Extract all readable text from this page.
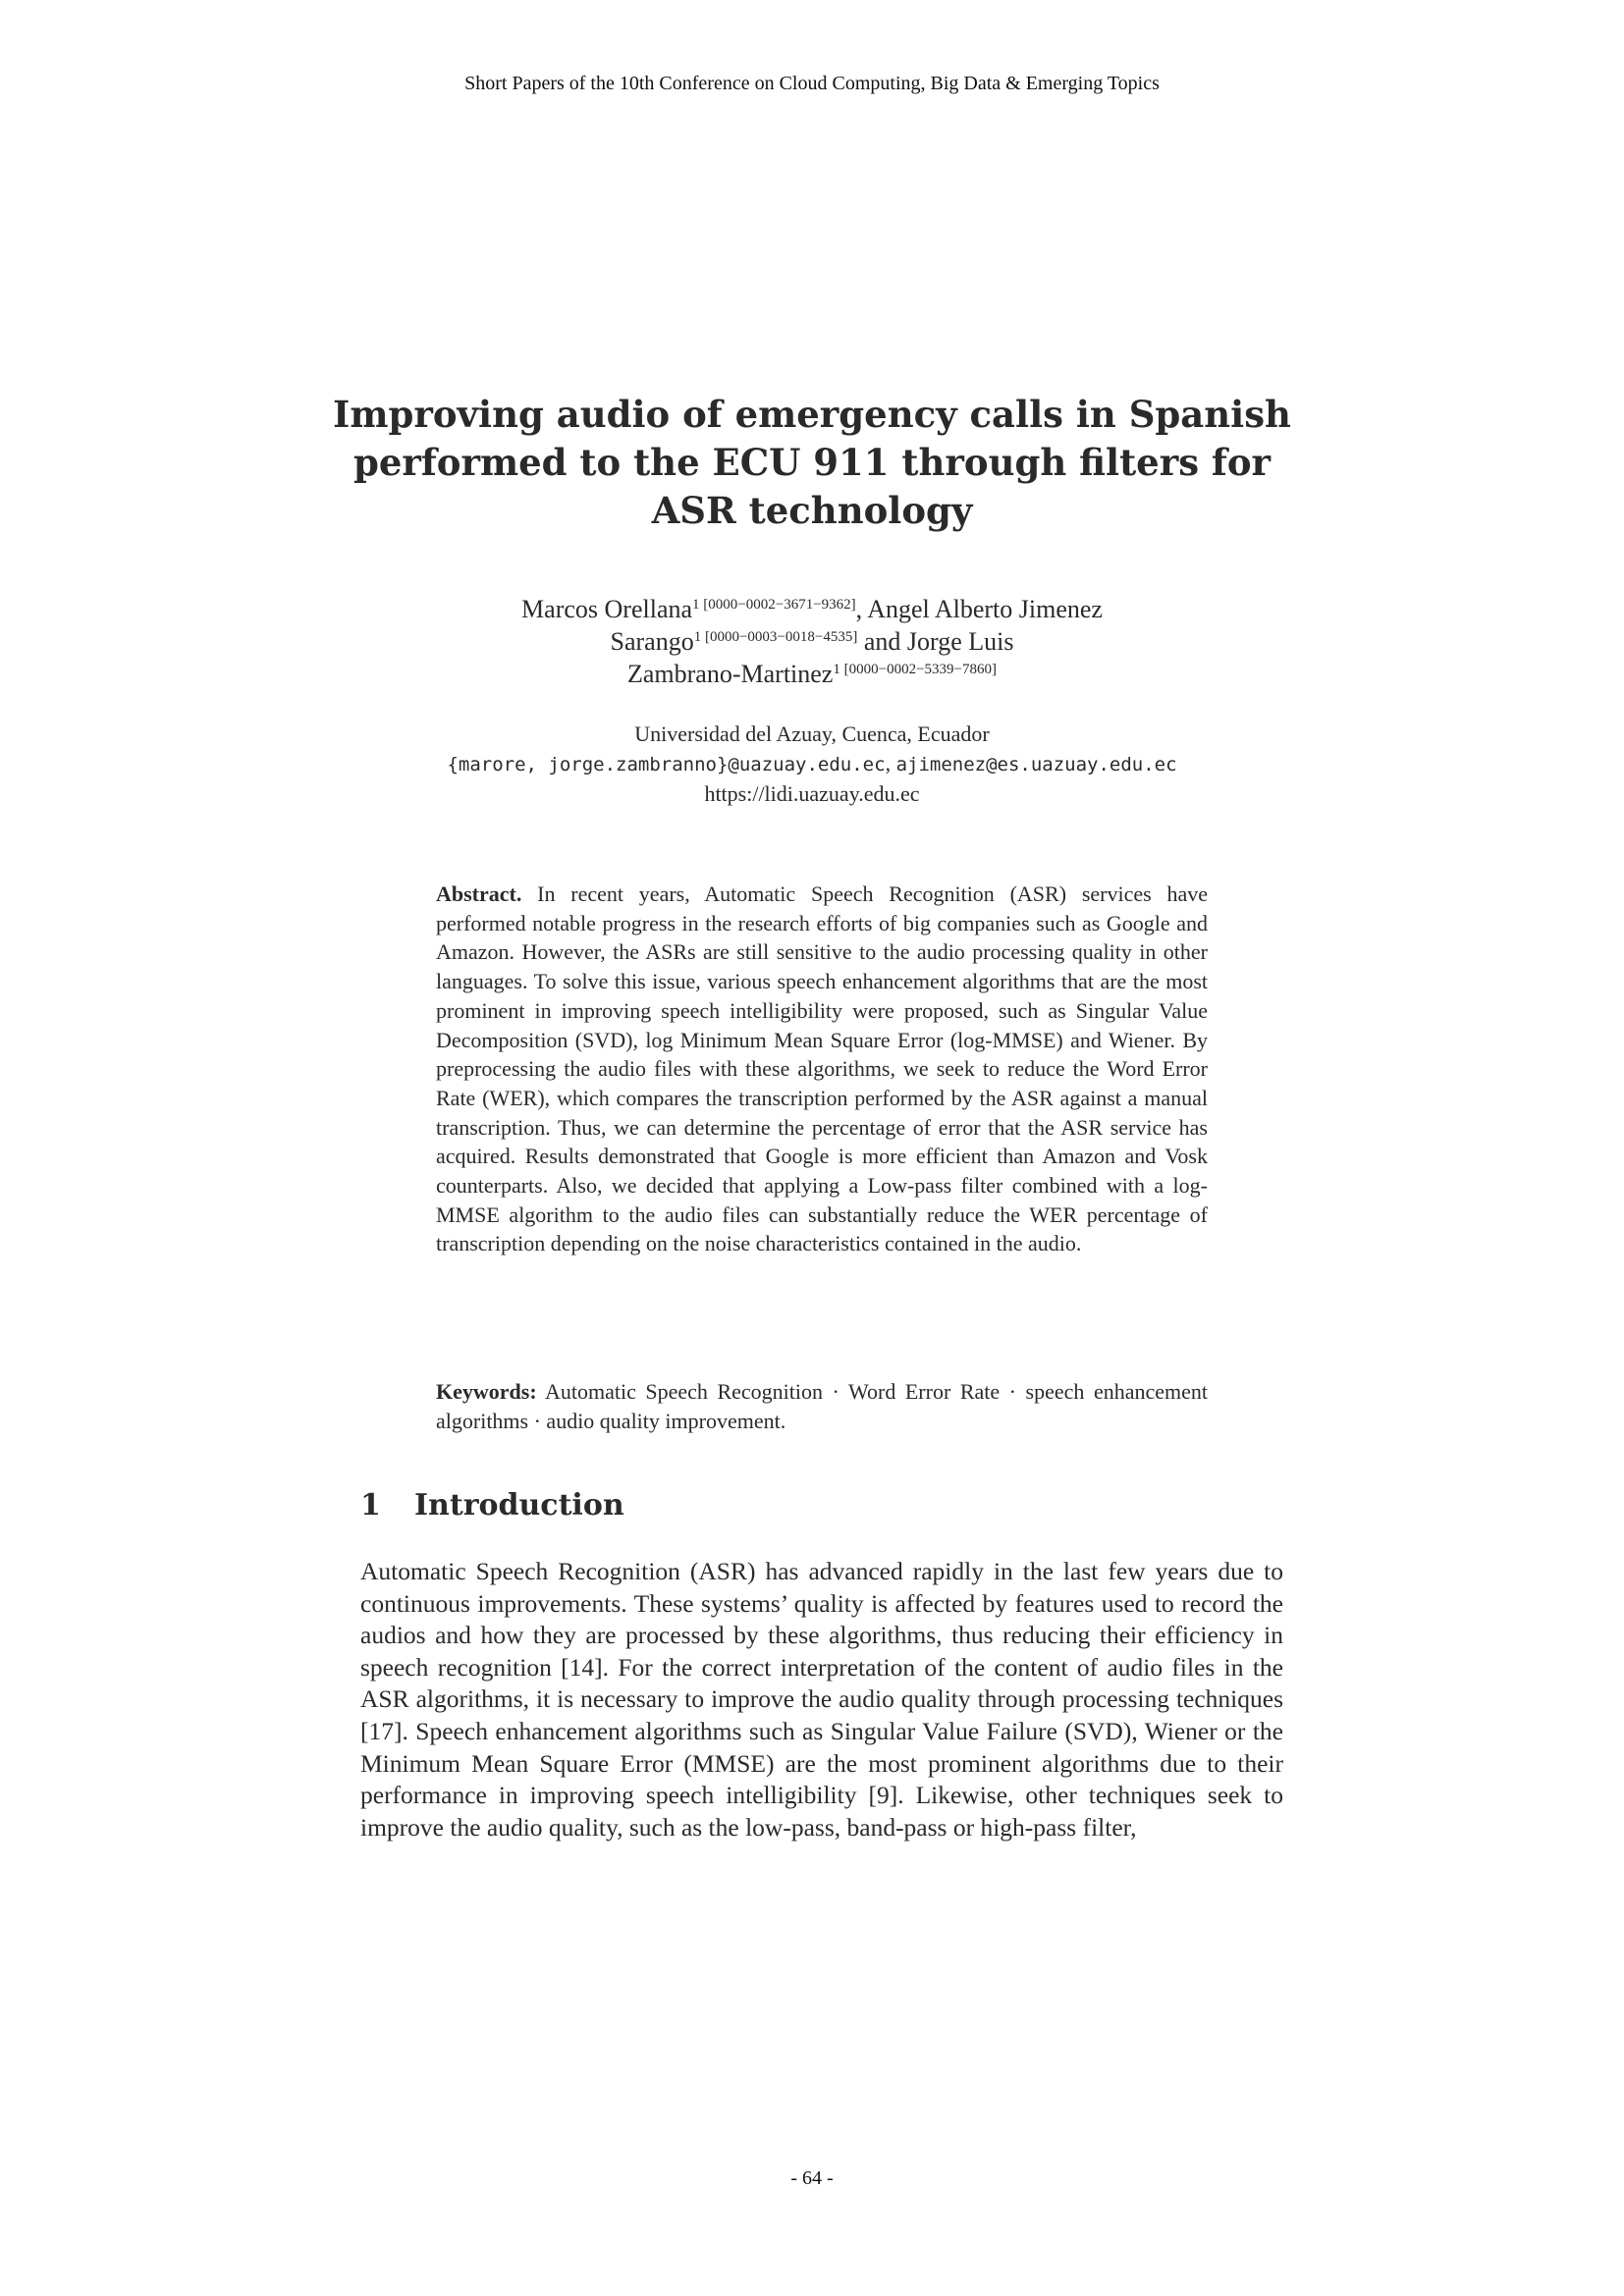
Short Papers of the 10th Conference on Cloud Computing, Big Data & Emerging Topics
Improving audio of emergency calls in Spanish
performed to the ECU 911 through filters for
ASR technology
Marcos Orellana$^{1 [0000-0002-3671-9362]}$, Angel Alberto Jimenez
Sarango$^{1 [0000-0003-0018-4535]}$ and Jorge Luis
Zambrano-Martinez$^{1 [0000-0002-5339-7860]}$
Universidad del Azuay, Cuenca, Ecuador
{marore, jorge.zambranno}@uazuay.edu.ec, ajimenez@es.uazuay.edu.ec
https://lidi.uazuay.edu.ec
Abstract. In recent years, Automatic Speech Recognition (ASR) services have performed notable progress in the research efforts of big companies such as Google and Amazon. However, the ASRs are still sensitive to the audio processing quality in other languages. To solve this issue, various speech enhancement algorithms that are the most prominent in improving speech intelligibility were proposed, such as Singular Value Decomposition (SVD), log Minimum Mean Square Error (log-MMSE) and Wiener. By preprocessing the audio files with these algorithms, we seek to reduce the Word Error Rate (WER), which compares the transcription performed by the ASR against a manual transcription. Thus, we can determine the percentage of error that the ASR service has acquired. Results demonstrated that Google is more efficient than Amazon and Vosk counterparts. Also, we decided that applying a Low-pass filter combined with a log-MMSE algorithm to the audio files can substantially reduce the WER percentage of transcription depending on the noise characteristics contained in the audio.
Keywords: Automatic Speech Recognition · Word Error Rate · speech enhancement algorithms · audio quality improvement.
1 Introduction
Automatic Speech Recognition (ASR) has advanced rapidly in the last few years due to continuous improvements. These systems’ quality is affected by features used to record the audios and how they are processed by these algorithms, thus reducing their efficiency in speech recognition [14]. For the correct interpretation of the content of audio files in the ASR algorithms, it is necessary to improve the audio quality through processing techniques [17]. Speech enhancement algorithms such as Singular Value Failure (SVD), Wiener or the Minimum Mean Square Error (MMSE) are the most prominent algorithms due to their performance in improving speech intelligibility [9]. Likewise, other techniques seek to improve the audio quality, such as the low-pass, band-pass or high-pass filter,
- 64 -
